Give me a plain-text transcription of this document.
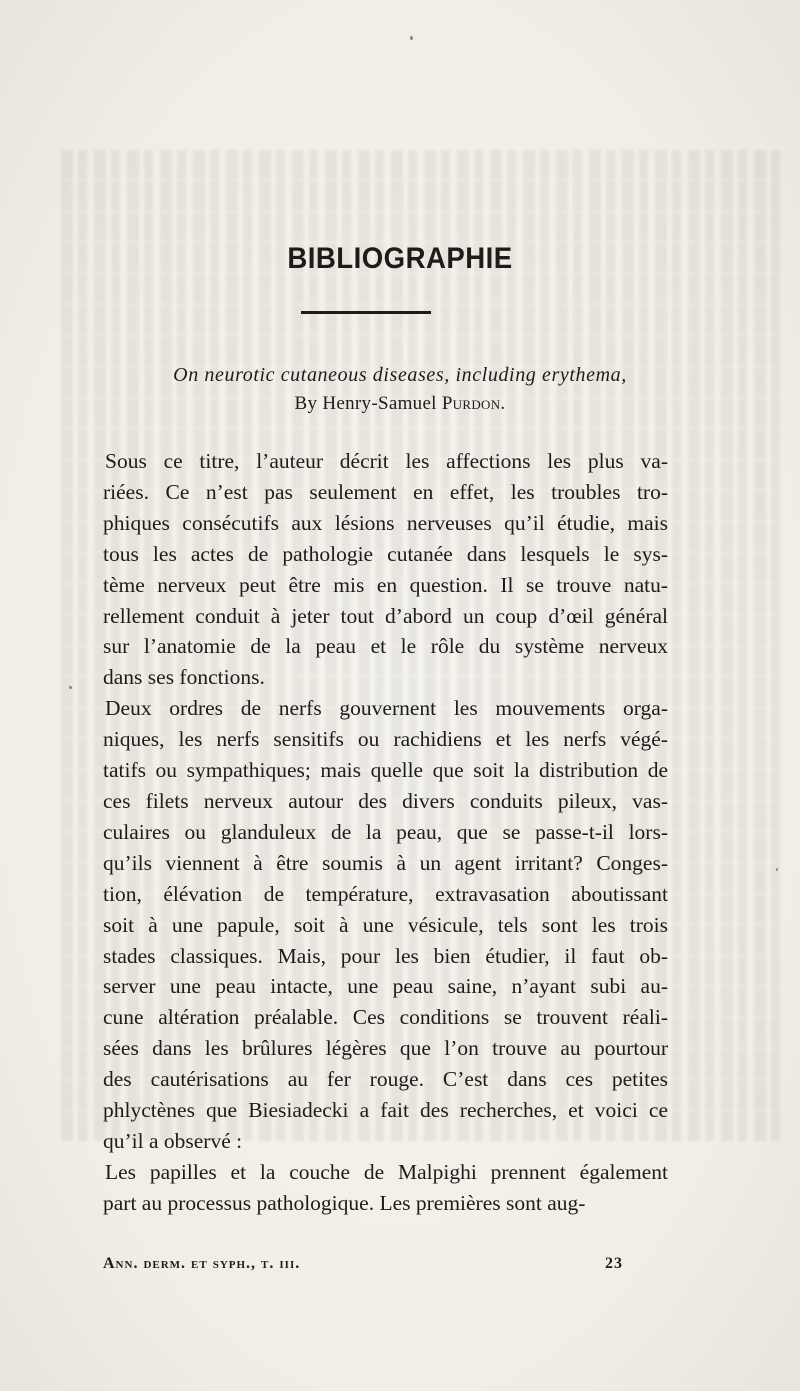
BIBLIOGRAPHIE
On neurotic cutaneous diseases, including erythema,
By Henry-Samuel Purdon.
Sous ce titre, l’auteur décrit les affections les plus va-
riées. Ce n’est pas seulement en effet, les troubles tro-
phiques consécutifs aux lésions nerveuses qu’il étudie, mais
tous les actes de pathologie cutanée dans lesquels le sys-
tème nerveux peut être mis en question. Il se trouve natu-
rellement conduit à jeter tout d’abord un coup d’œil général
sur l’anatomie de la peau et le rôle du système nerveux
dans ses fonctions.
Deux ordres de nerfs gouvernent les mouvements orga-
niques, les nerfs sensitifs ou rachidiens et les nerfs végé-
tatifs ou sympathiques; mais quelle que soit la distribution de
ces filets nerveux autour des divers conduits pileux, vas-
culaires ou glanduleux de la peau, que se passe-t-il lors-
qu’ils viennent à être soumis à un agent irritant? Conges-
tion, élévation de température, extravasation aboutissant
soit à une papule, soit à une vésicule, tels sont les trois
stades classiques. Mais, pour les bien étudier, il faut ob-
server une peau intacte, une peau saine, n’ayant subi au-
cune altération préalable. Ces conditions se trouvent réali-
sées dans les brûlures légères que l’on trouve au pourtour
des cautérisations au fer rouge. C’est dans ces petites
phlyctènes que Biesiadecki a fait des recherches, et voici ce
qu’il a observé :
Les papilles et la couche de Malpighi prennent également
part au processus pathologique. Les premières sont aug-
Ann. derm. et syph., t. iii.	23
